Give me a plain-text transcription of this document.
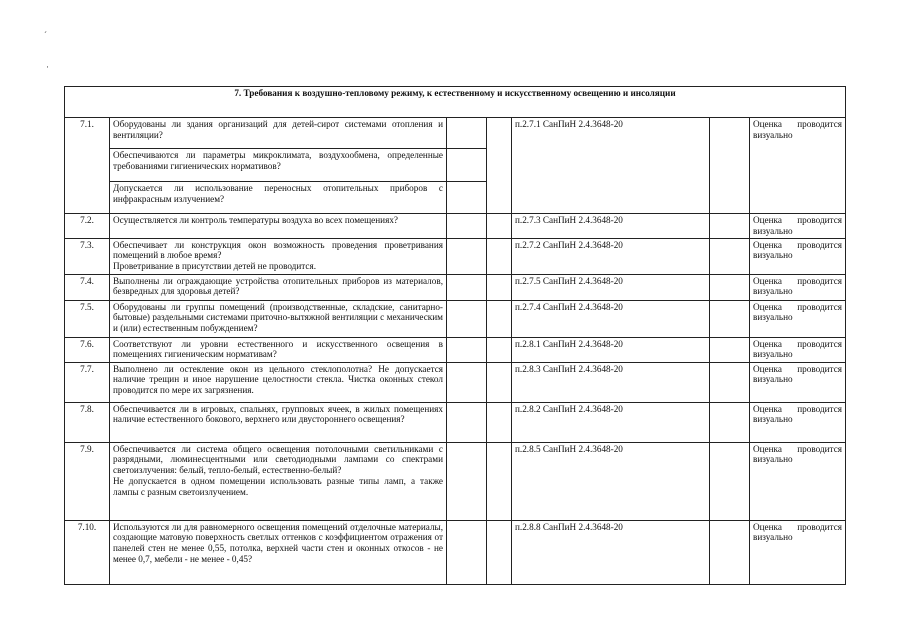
´
·
7. Требования к воздушно-тепловому режиму, к естественному и искусственному освещению и инсоляции						
7.1.	Оборудованы ли здания организаций для детей-сирот системами отопления и вентиляции?			п.2.7.1 СанПиН 2.4.3648-20		Оценка проводится визуально
	Обеспечиваются ли параметры микроклимата, воздухообмена, определенные требованиями гигиенических нормативов?					
	Допускается ли использование переносных отопительных приборов с инфракрасным излучением?					
7.2.	Осуществляется ли контроль температуры воздуха во всех помещениях?			п.2.7.3 СанПиН 2.4.3648-20		Оценка проводится визуально
7.3.	Обеспечивает ли конструкция окон возможность проведения проветривания помещений в любое время?
Проветривание в присутствии детей не проводится.			п.2.7.2 СанПиН 2.4.3648-20		Оценка проводится визуально
7.4.	Выполнены ли ограждающие устройства отопительных приборов из материалов, безвредных для здоровья детей?			п.2.7.5 СанПиН 2.4.3648-20		Оценка проводится визуально
7.5.	Оборудованы ли группы помещений (производственные, складские, санитарно-бытовые) раздельными системами приточно-вытяжной вентиляции с механическим и (или) естественным побуждением?			п.2.7.4 СанПиН 2.4.3648-20		Оценка проводится визуально
7.6.	Соответствуют ли уровни естественного и искусственного освещения в помещениях гигиеническим нормативам?			п.2.8.1 СанПиН 2.4.3648-20		Оценка проводится визуально
7.7.	Выполнено ли остекление окон из цельного стеклополотна? Не допускается наличие трещин и иное нарушение целостности стекла. Чистка оконных стекол проводится по мере их загрязнения.			п.2.8.3 СанПиН 2.4.3648-20		Оценка проводится визуально
7.8.	Обеспечивается ли в игровых, спальнях, групповых ячеек, в жилых помещениях наличие естественного бокового, верхнего или двустороннего освещения?			п.2.8.2 СанПиН 2.4.3648-20		Оценка проводится визуально
7.9.	Обеспечивается ли система общего освещения потолочными светильниками с разрядными, люминесцентными или светодиодными лампами со спектрами светоизлучения: белый, тепло-белый, естественно-белый?
Не допускается в одном помещении использовать разные типы ламп, а также лампы с разным светоизлучением.			п.2.8.5 СанПиН 2.4.3648-20		Оценка проводится визуально
7.10.	Используются ли для равномерного освещения помещений отделочные материалы, создающие матовую поверхность светлых оттенков с коэффициентом отражения от панелей стен не менее 0,55, потолка, верхней части стен и оконных откосов - не менее 0,7, мебели - не менее - 0,45?			п.2.8.8 СанПиН 2.4.3648-20		Оценка проводится визуально
